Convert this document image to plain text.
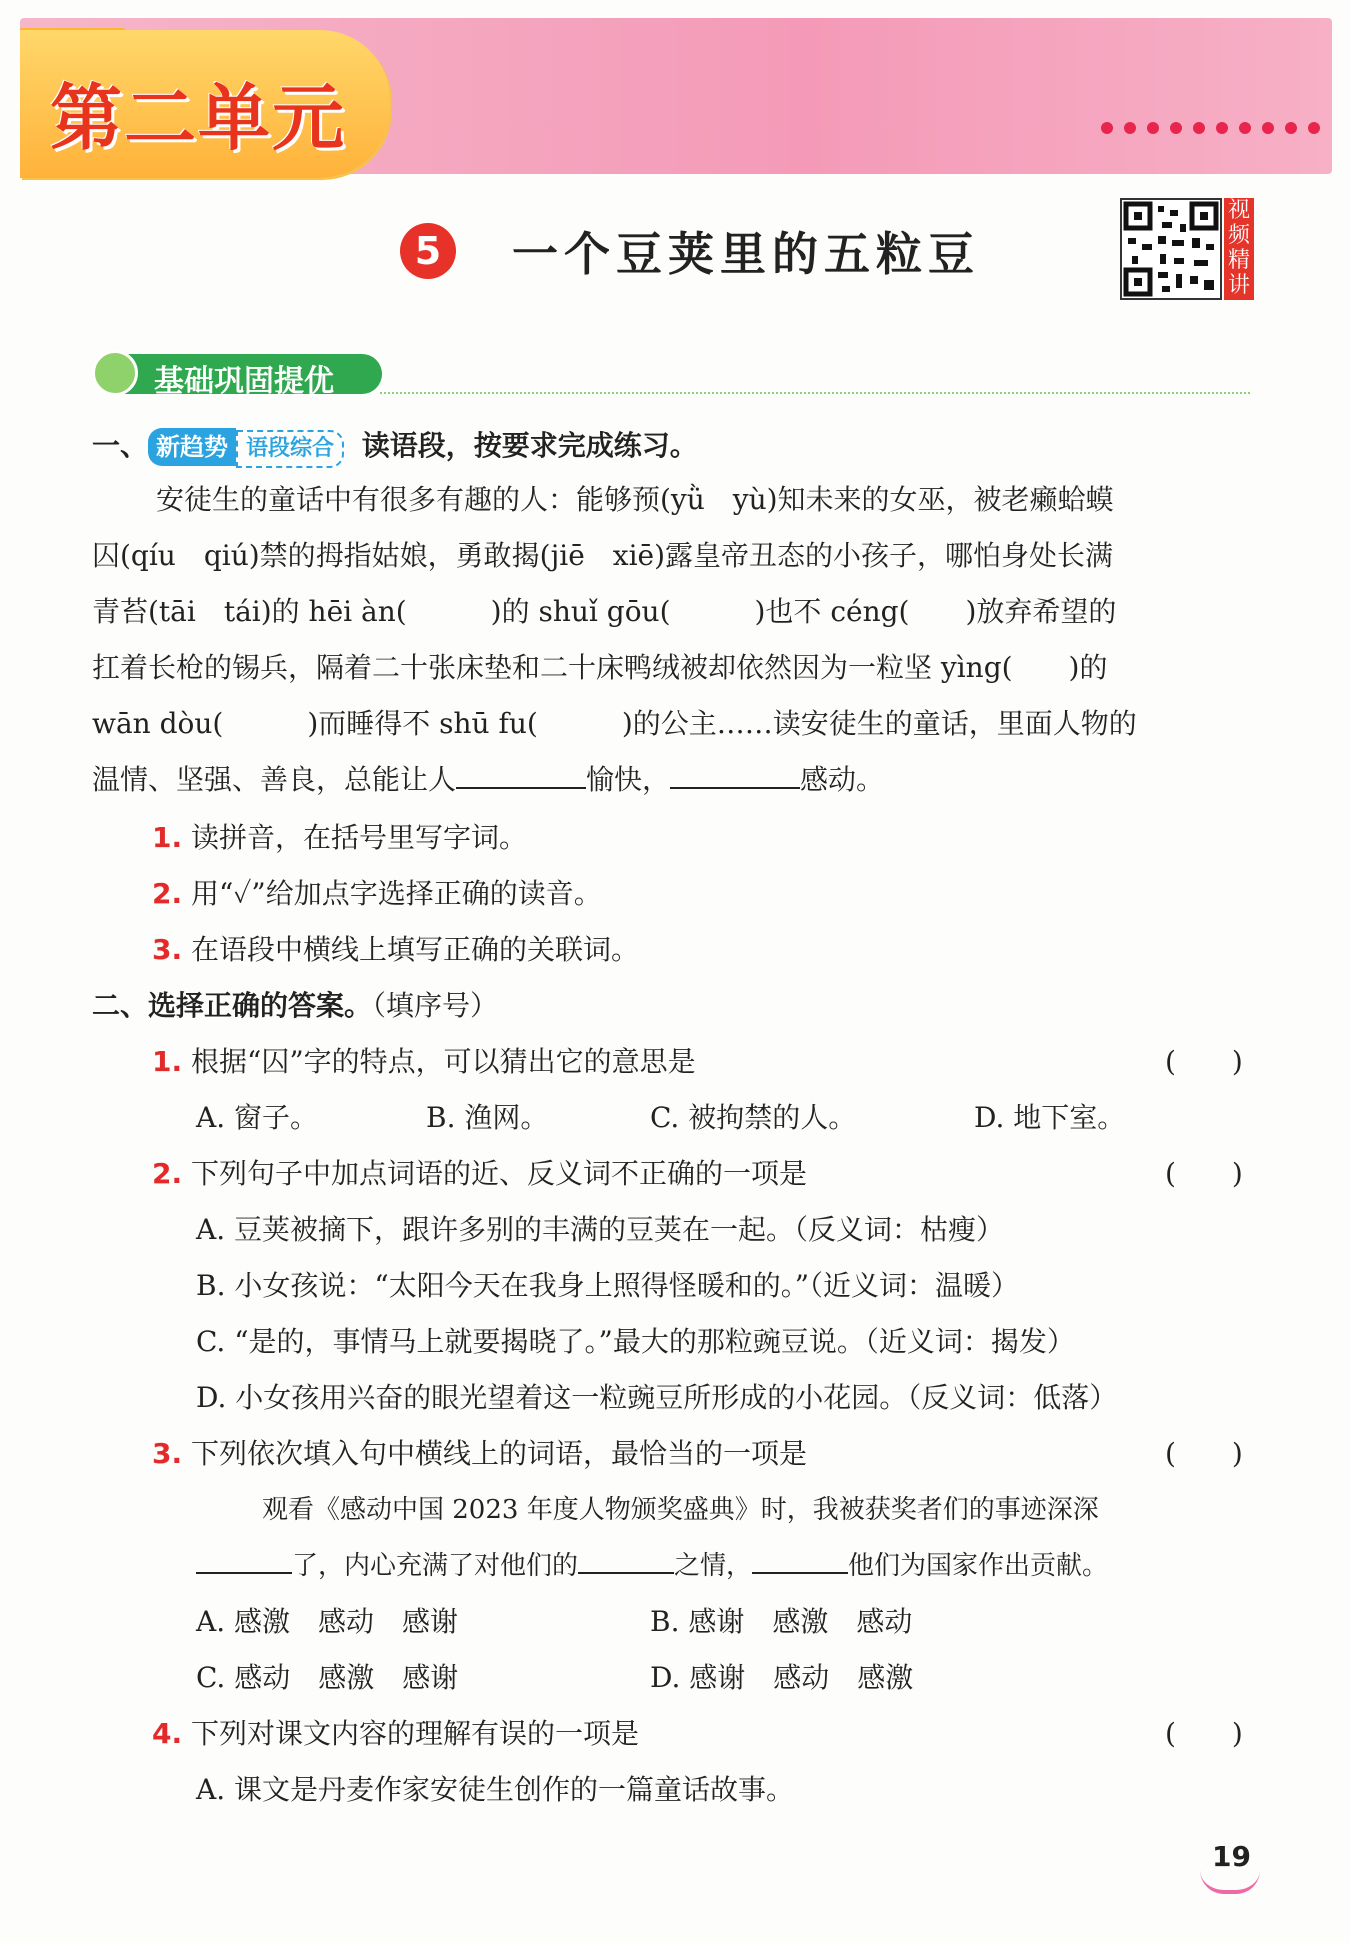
第二单元
5	一个豆荚里的五粒豆
视频精讲
基础巩固提优
一、 新趋势 语段综合 读语段，按要求完成练习。
安徒生的童话中有很多有趣的人：能够预(yǜ　yù)知未来的女巫，被老癞蛤蟆
囚(qíu　qiú)禁的拇指姑娘，勇敢揭(jiē　xiē)露皇帝丑态的小孩子，哪怕身处长满
青苔(tāi　tái)的 hēi àn(　　　)的 shuǐ gōu(　　　)也不 céng(　　)放弃希望的
扛着长枪的锡兵，隔着二十张床垫和二十床鸭绒被却依然因为一粒坚 yìng(　　)的
wān dòu(　　　)而睡得不 shū fu(　　　)的公主……读安徒生的童话，里面人物的
温情、坚强、善良，总能让人	愉快，	感动。
1. 读拼音，在括号里写字词。
2. 用“✓”给加点字选择正确的读音。
3. 在语段中横线上填写正确的关联词。
二、选择正确的答案。（填序号）
1. 根据“囚”字的特点，可以猜出它的意思是	(　　)
A. 窗子。	B. 渔网。	C. 被拘禁的人。	D. 地下室。
2. 下列句子中加点词语的近、反义词不正确的一项是	(　　)
A. 豆荚被摘下，跟许多别的丰满的豆荚在一起。（反义词：枯瘦）
B. 小女孩说：“太阳今天在我身上照得怪暖和的。”（近义词：温暖）
C. “是的，事情马上就要揭晓了。”最大的那粒豌豆说。（近义词：揭发）
D. 小女孩用兴奋的眼光望着这一粒豌豆所形成的小花园。（反义词：低落）
3. 下列依次填入句中横线上的词语，最恰当的一项是	(　　)
观看《感动中国 2023 年度人物颁奖盛典》时，我被获奖者们的事迹深深
了，内心充满了对他们的	之情，	他们为国家作出贡献。
A. 感激　感动　感谢	B. 感谢　感激　感动
C. 感动　感激　感谢	D. 感谢　感动　感激
4. 下列对课文内容的理解有误的一项是	(　　)
A. 课文是丹麦作家安徒生创作的一篇童话故事。
19
